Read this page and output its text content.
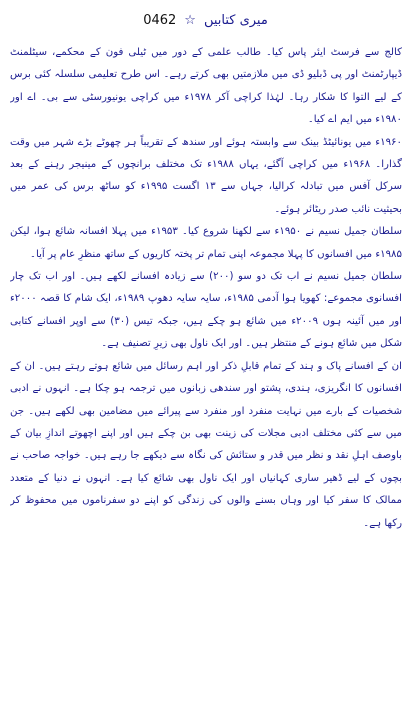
میری کتابیں
☆
0462

کالج سے فرسٹ ایئر پاس کیا۔ طالب علمی کے دور میں ٹیلی فون کے محکمے، سیٹلمنٹ ڈیپارٹمنٹ اور پی ڈبلیو ڈی میں ملازمتیں بھی کرتے رہے۔ اس طرح تعلیمی سلسلہ کئی برس کے لیے التوا کا شکار رہا۔ لہٰذا کراچی آکر ۱۹۷۸ء میں کراچی یونیورسٹی سے بی۔ اے اور ۱۹۸۰ء میں ایم اے کیا۔

۱۹۶۰ء میں یونائیٹڈ بینک سے وابستہ ہوئے اور سندھ کے تقریباً ہر چھوٹے بڑے شہر میں وقت گذارا۔ ۱۹۶۸ء میں کراچی آگئے، یہاں ۱۹۸۸ء تک مختلف برانچوں کے مینیجر رہنے کے بعد سرکل آفس میں تبادلہ کرالیا، جہاں سے ۱۳ اگست ۱۹۹۵ء کو ساٹھ برس کی عمر میں بحیثیت نائب صدر ریٹائر ہوئے۔

سلطان جمیل نسیم نے ۱۹۵۰ء سے لکھنا شروع کیا۔ ۱۹۵۳ء میں پہلا افسانہ شائع ہوا، لیکن ۱۹۸۵ء میں افسانوں کا پہلا مجموعہ اپنی تمام تر پختہ کاریوں کے ساتھ منظرِ عام پر آیا۔

سلطان جمیل نسیم نے اب تک دو سو (۲۰۰) سے زیادہ افسانے لکھے ہیں۔ اور اب تک چار افسانوی مجموعے: کھویا ہوا آدمی ۱۹۸۵ء، سایہ سایہ دھوپ ۱۹۸۹ء، ایک شام کا قصہ ۲۰۰۰ء اور میں آئینہ ہوں ۲۰۰۹ء میں شائع ہو چکے ہیں، جبکہ تیس (۳۰) سے اوپر افسانے کتابی شکل میں شائع ہونے کے منتظر ہیں۔ اور ایک ناول بھی زیرِ تصنیف ہے۔

ان کے افسانے پاک و ہند کے تمام قابلِ ذکر اور اہم رسائل میں شائع ہوتے رہتے ہیں۔ ان کے افسانوں کا انگریزی، ہندی، پشتو اور سندھی زبانوں میں ترجمہ ہو چکا ہے۔ انہوں نے ادبی شخصیات کے بارے میں نہایت منفرد اور منفرد سے پیرائے میں مضامین بھی لکھے ہیں۔ جن میں سے کئی مختلف ادبی مجلات کی زینت بھی بن چکے ہیں اور اپنے اچھوتے اندازِ بیان کے باوصف اہلِ نقد و نظر میں قدر و ستائش کی نگاہ سے دیکھے جا رہے ہیں۔ خواجہ صاحب نے بچوں کے لیے ڈھیر ساری کہانیاں اور ایک ناول بھی شائع کیا ہے۔ انہوں نے دنیا کے متعدد ممالک کا سفر کیا اور وہاں بسنے والوں کی زندگی کو اپنے دو سفرناموں میں محفوظ کر رکھا ہے۔
